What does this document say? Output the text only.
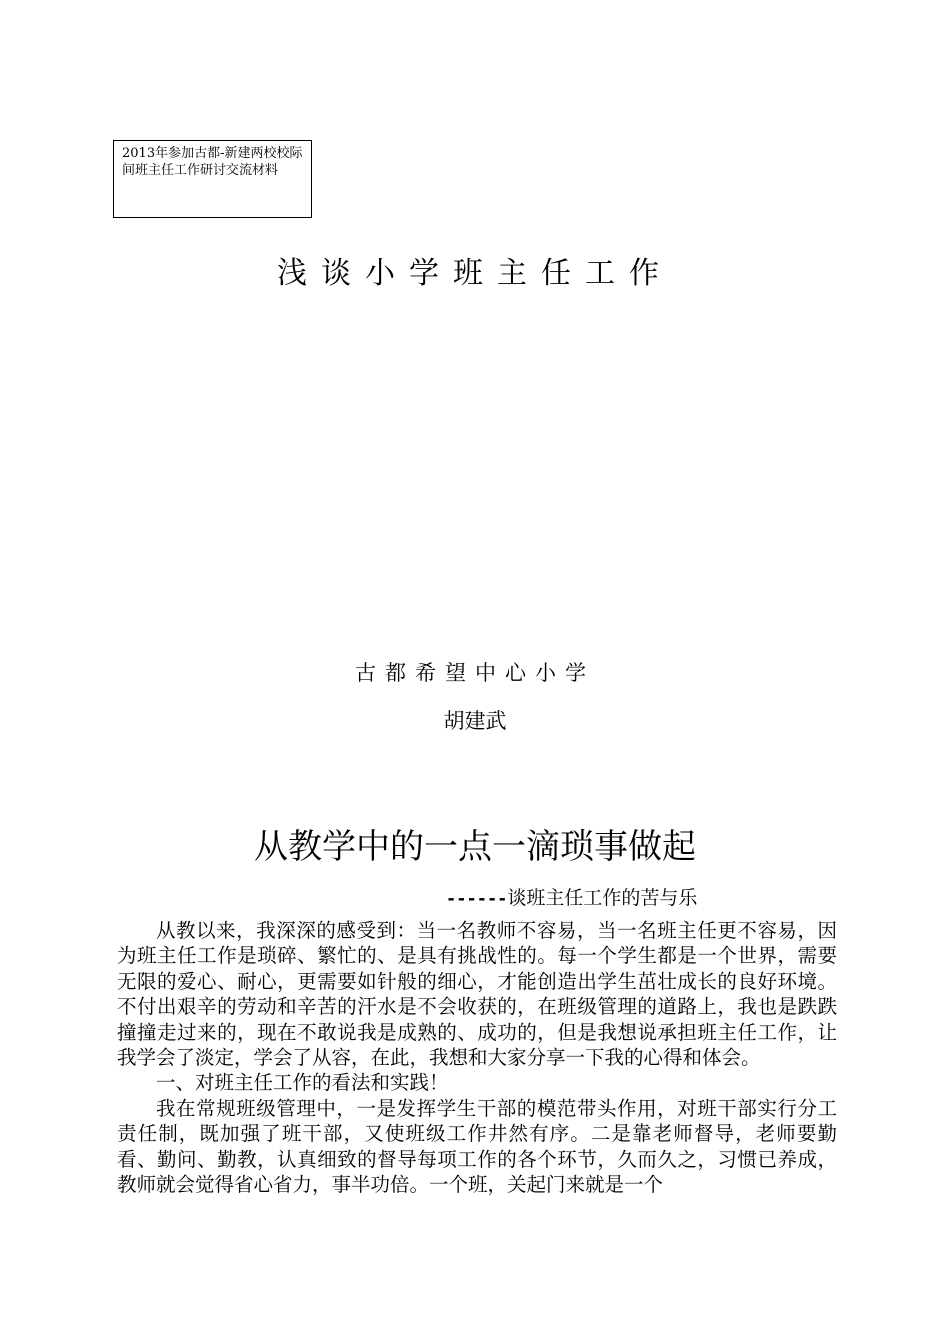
2013年参加古都-新建两校校际间班主任工作研讨交流材料
浅谈小学班主任工作
古都希望中心小学
胡建武
从教学中的一点一滴琐事做起
------谈班主任工作的苦与乐

从教以来，我深深的感受到：当一名教师不容易，当一名班主任更不容易，因为班主任工作是琐碎、繁忙的、是具有挑战性的。每一个学生都是一个世界，需要无限的爱心、耐心，更需要如针般的细心，才能创造出学生茁壮成长的良好环境。不付出艰辛的劳动和辛苦的汗水是不会收获的，在班级管理的道路上，我也是跌跌撞撞走过来的，现在不敢说我是成熟的、成功的，但是我想说承担班主任工作，让我学会了淡定，学会了从容，在此，我想和大家分享一下我的心得和体会。

一、对班主任工作的看法和实践！

我在常规班级管理中，一是发挥学生干部的模范带头作用，对班干部实行分工责任制，既加强了班干部，又使班级工作井然有序。二是靠老师督导，老师要勤看、勤问、勤教，认真细致的督导每项工作的各个环节，久而久之，习惯已养成，教师就会觉得省心省力，事半功倍。一个班，关起门来就是一个
